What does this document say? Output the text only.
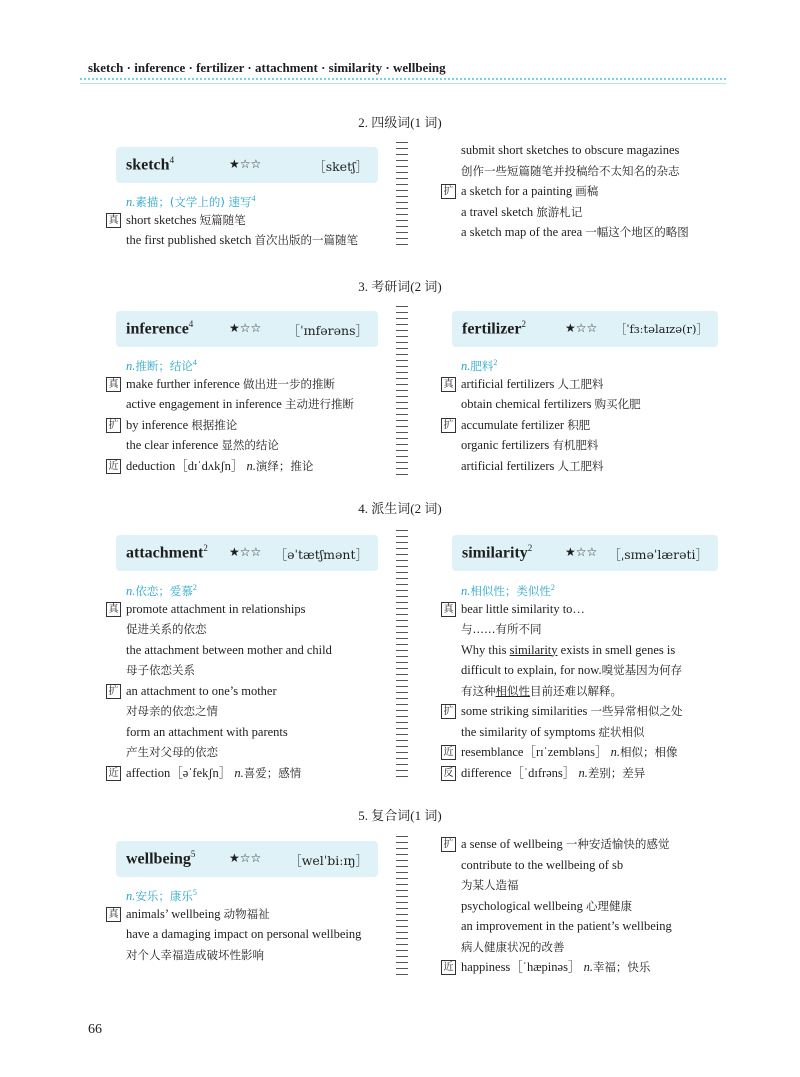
sketch · inference · fertilizer · attachment · similarity · wellbeing
2. 四级词(1 词)
sketch$^4$	★☆☆	［sketʃ］
n.素描；(文学上的) 速写$^4$
真 short sketches 短篇随笔
the first published sketch 首次出版的一篇随笔
submit short sketches to obscure magazines
创作一些短篇随笔并投稿给不太知名的杂志
扩 a sketch for a painting 画稿
a travel sketch 旅游札记
a sketch map of the area 一幅这个地区的略图
3. 考研词(2 词)
inference$^4$	★☆☆ ［ˈɪnfərəns］
n.推断；结论$^4$
真 make further inference 做出进一步的推断
active engagement in inference 主动进行推断
扩 by inference 根据推论
the clear inference 显然的结论
近 deduction［dɪˈdʌkʃn］ n.演绎；推论
fertilizer$^2$	★☆☆ ［ˈfɜːtəlaɪzə(r)］
n.肥料$^2$
真 artificial fertilizers 人工肥料
obtain chemical fertilizers 购买化肥
扩 accumulate fertilizer 积肥
organic fertilizers 有机肥料
artificial fertilizers 人工肥料
4. 派生词(2 词)
attachment$^2$ ★☆☆ ［əˈtætʃmənt］
n.依恋；爱慕$^2$
真 promote attachment in relationships
促进关系的依恋
the attachment between mother and child
母子依恋关系
扩 an attachment to one’s mother
对母亲的依恋之情
form an attachment with parents
产生对父母的依恋
近 affection［əˈfekʃn］ n.喜爱；感情
similarity$^2$	★☆☆ ［ˌsɪməˈlærəti］
n.相似性；类似性$^2$
真 bear little similarity to…
与……有所不同
Why this similarity exists in smell genes is
difficult to explain, for now.嗅觉基因为何存
有这种相似性目前还难以解释。
扩 some striking similarities 一些异常相似之处
the similarity of symptoms 症状相似
近 resemblance［rɪˈzembləns］ n.相似；相像
反 difference［ˈdɪfrəns］ n.差别；差异
5. 复合词(1 词)
wellbeing$^5$	★☆☆ ［welˈbiːɪŋ］
n.安乐；康乐$^5$
真 animals’ wellbeing 动物福祉
have a damaging impact on personal wellbeing
对个人幸福造成破坏性影响
扩 a sense of wellbeing 一种安适愉快的感觉
contribute to the wellbeing of sb
为某人造福
psychological wellbeing 心理健康
an improvement in the patient’s wellbeing
病人健康状况的改善
近 happiness［ˈhæpinəs］ n.幸福；快乐
66
